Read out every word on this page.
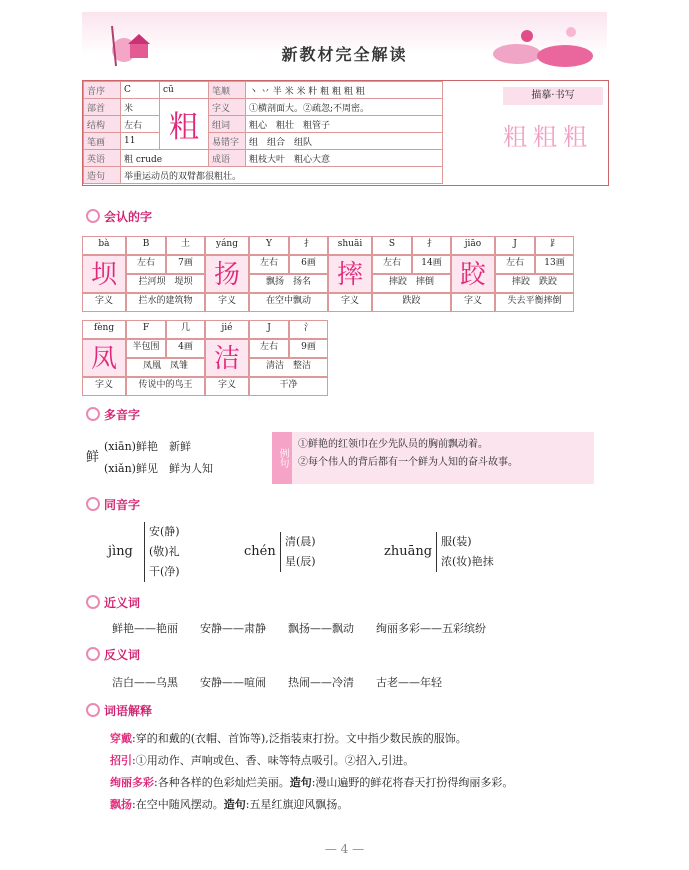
新教材完全解读
音序	C	cū	笔顺	丶 丷 半 米 米 籵 粗 粗 粗 粗
部首	米	粗	字义	①横剖面大。②疏忽;不周密。
结构	左右		组词	粗心　粗壮　粗管子
笔画	11		易错字	组　组合　组队
英语	粗 crude		成语	粗枝大叶　粗心大意
造句	举重运动员的双臂都很粗壮。			
描摹·书写
粗粗粗
会认的字
bà	B	土
坝	左右	7画
拦河坝　堤坝
字义	拦水的建筑物
yáng	Y	扌
扬	左右	6画
飘扬　扬名
字义	在空中飘动
shuāi	S	扌
摔	左右	14画
摔跤　摔倒
字义	跌跤
jiāo	J	⻊
跤	左右	13画
摔跤　跌跤
字义	失去平衡摔倒
fèng	F	几
凤	半包围	4画
凤凰　凤雏
字义	传说中的鸟王
jié	J	氵
洁	左右	9画
清洁　整洁
字义	干净
多音字
鲜
(xiān)鲜艳　新鲜
(xiǎn)鲜见　鲜为人知
例句
①鲜艳的红领巾在少先队员的胸前飘动着。
②每个伟人的背后都有一个鲜为人知的奋斗故事。
同音字
jìng
安(静)
(敬)礼
干(净)
chén
清(晨)
星(辰)
zhuāng
服(装)
浓(妆)艳抹
近义词
鲜艳——艳丽　　安静——肃静　　飘扬——飘动　　绚丽多彩——五彩缤纷
反义词
洁白——乌黑　　安静——喧闹　　热闹——冷清　　古老——年轻
词语解释
穿戴:穿的和戴的(衣帽、首饰等),泛指装束打扮。文中指少数民族的服饰。
招引:①用动作、声响或色、香、味等特点吸引。②招入,引进。
绚丽多彩:各种各样的色彩灿烂美丽。造句:漫山遍野的鲜花将春天打扮得绚丽多彩。
飘扬:在空中随风摆动。造句:五星红旗迎风飘扬。
— 4 —
